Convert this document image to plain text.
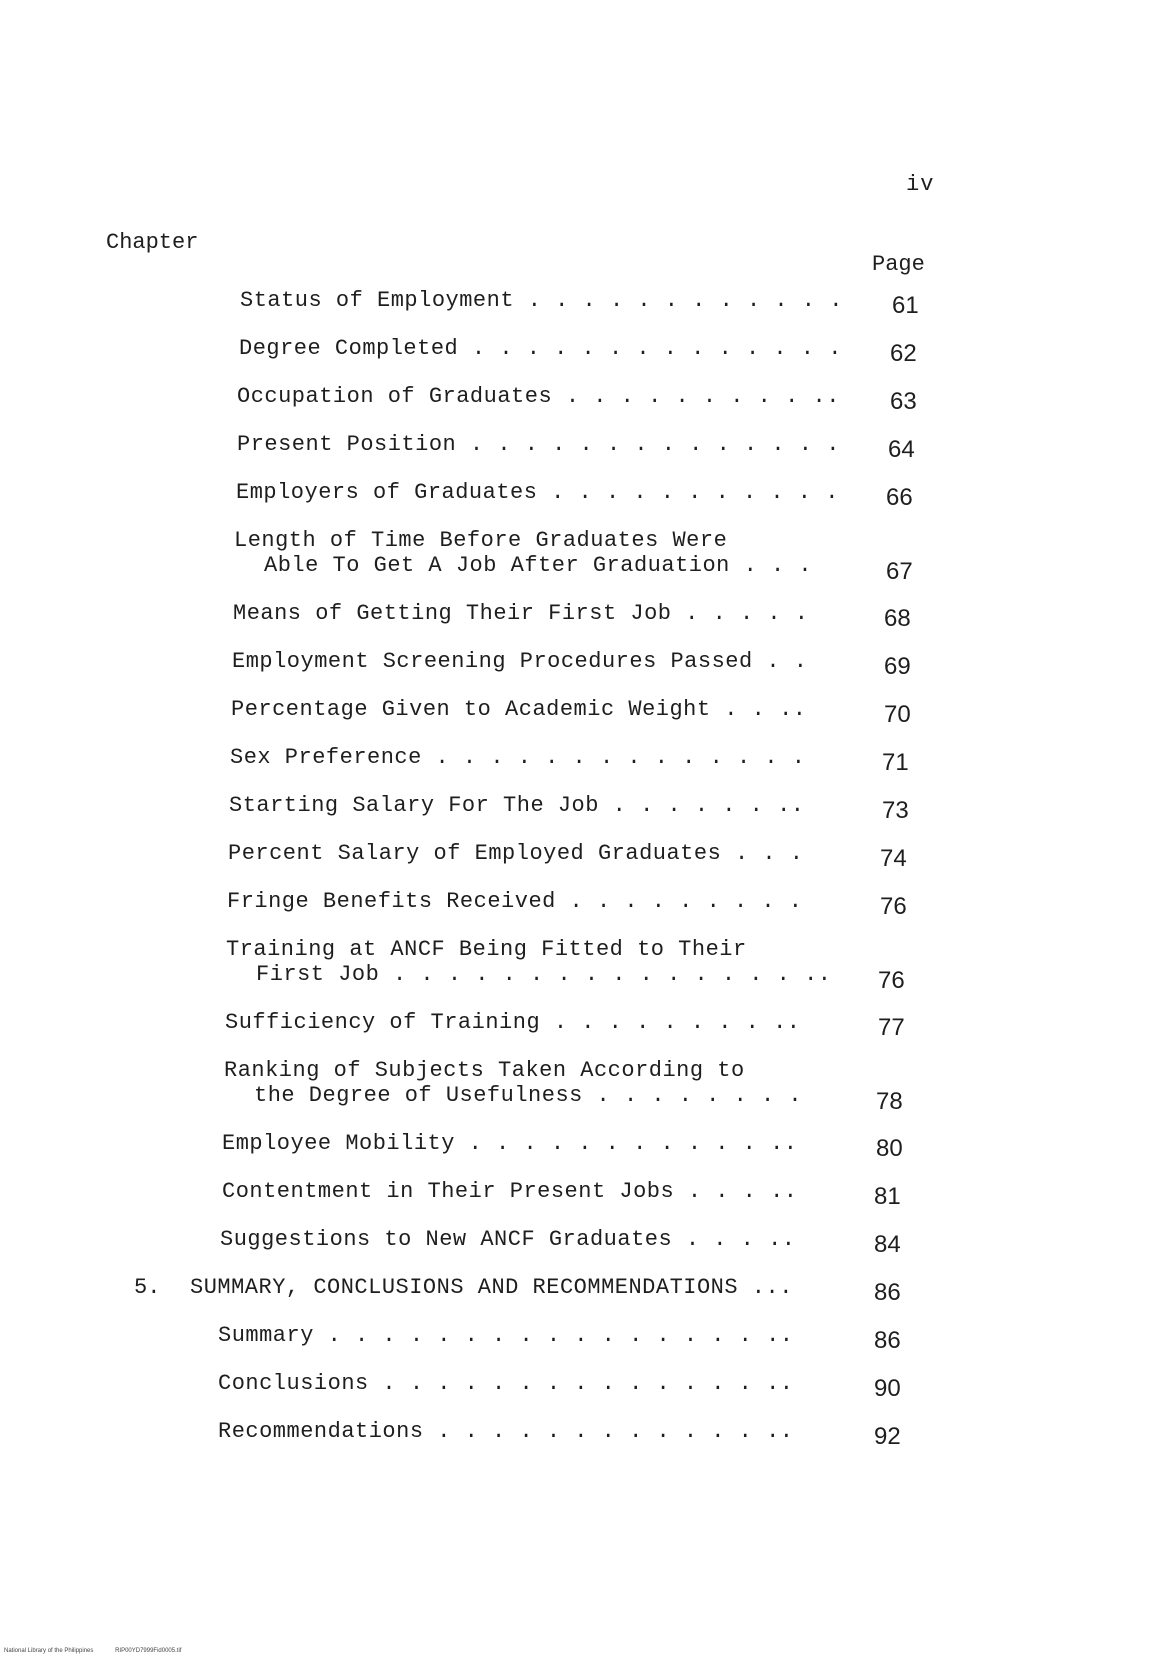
iv
Chapter
Page
Status of Employment . . . . . . . . . . . . 61
Degree Completed . . . . . . . . . . . . . . 62
Occupation of Graduates . . . . . . . . . .. 63
Present Position . . . . . . . . . . . . . . 64
Employers of Graduates . . . . . . . . . . . 66
Length of Time Before Graduates Were
Able To Get A Job After Graduation . . .	67
Means of Getting Their First Job . . . . .	68
Employment Screening Procedures Passed . .	69
Percentage Given to Academic Weight . . ..	70
Sex Preference . . . . . . . . . . . . . .	71
Starting Salary For The Job . . . . . . ..	73
Percent Salary of Employed Graduates . . .	74
Fringe Benefits Received . . . . . . . . .	76
Training at ANCF Being Fitted to Their
First Job . . . . . . . . . . . . . . . .. 76
Sufficiency of Training . . . . . . . . ..	77
Ranking of Subjects Taken According to
the Degree of Usefulness . . . . . . . .	78
Employee Mobility . . . . . . . . . . . ..	80
Contentment in Their Present Jobs . . . ..	81
Suggestions to New ANCF Graduates . . . ..	84
5. SUMMARY, CONCLUSIONS AND RECOMMENDATIONS ...	86
Summary . . . . . . . . . . . . . . . . ..	86
Conclusions . . . . . . . . . . . . . . ..	90
Recommendations . . . . . . . . . . . . ..	92
National Library of the Philippines	RIP00YD7999Fid0005.tif
